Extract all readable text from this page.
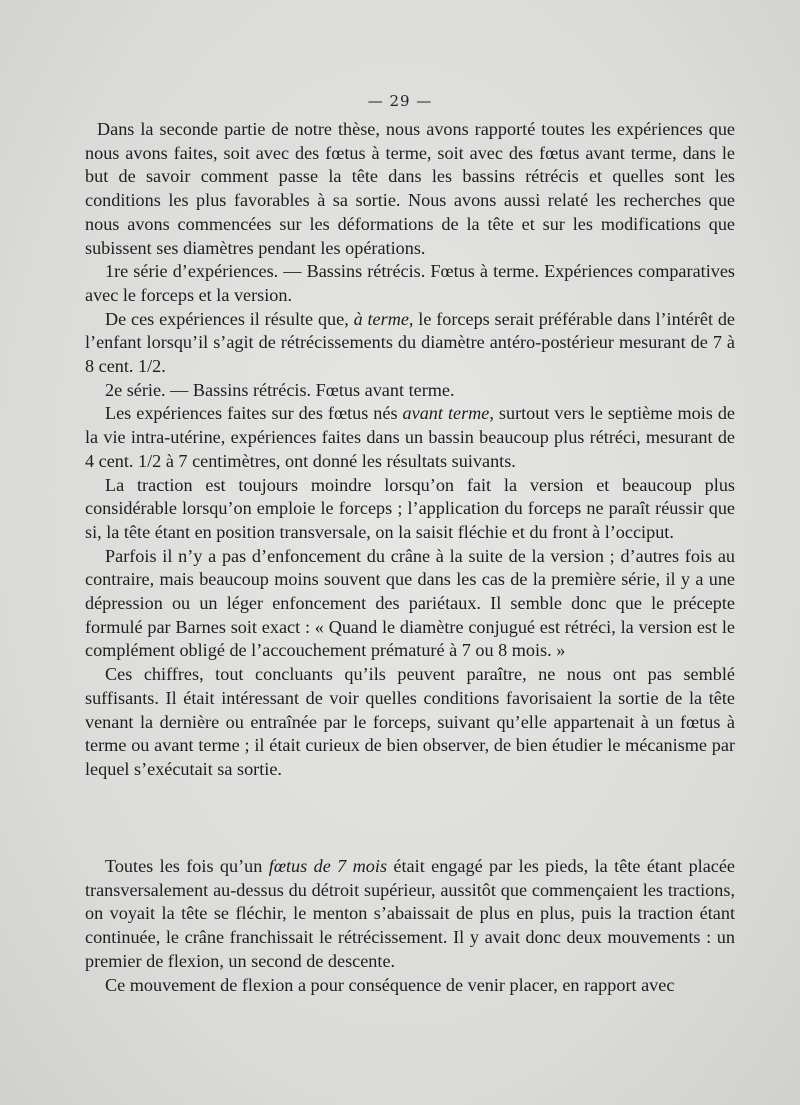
— 29 —

Dans la seconde partie de notre thèse, nous avons rapporté toutes les expériences que nous avons faites, soit avec des fœtus à terme, soit avec des fœtus avant terme, dans le but de savoir comment passe la tête dans les bassins rétrécis et quelles sont les conditions les plus favorables à sa sortie. Nous avons aussi relaté les recherches que nous avons commencées sur les déformations de la tête et sur les modifications que subissent ses diamètres pendant les opérations.

1re série d’expériences. — Bassins rétrécis. Fœtus à terme. Expériences comparatives avec le forceps et la version.

De ces expériences il résulte que, à terme, le forceps serait préférable dans l’intérêt de l’enfant lorsqu’il s’agit de rétrécissements du diamètre antéro-postérieur mesurant de 7 à 8 cent. 1/2.

2e série. — Bassins rétrécis. Fœtus avant terme.

Les expériences faites sur des fœtus nés avant terme, surtout vers le septième mois de la vie intra-utérine, expériences faites dans un bassin beaucoup plus rétréci, mesurant de 4 cent. 1/2 à 7 centimètres, ont donné les résultats suivants.

La traction est toujours moindre lorsqu’on fait la version et beaucoup plus considérable lorsqu’on emploie le forceps ; l’application du forceps ne paraît réussir que si, la tête étant en position transversale, on la saisit fléchie et du front à l’occiput.

Parfois il n’y a pas d’enfoncement du crâne à la suite de la version ; d’autres fois au contraire, mais beaucoup moins souvent que dans les cas de la première série, il y a une dépression ou un léger enfoncement des pariétaux. Il semble donc que le précepte formulé par Barnes soit exact : « Quand le diamètre conjugué est rétréci, la version est le complément obligé de l’accouchement prématuré à 7 ou 8 mois. »

Ces chiffres, tout concluants qu’ils peuvent paraître, ne nous ont pas semblé suffisants. Il était intéressant de voir quelles conditions favorisaient la sortie de la tête venant la dernière ou entraînée par le forceps, suivant qu’elle appartenait à un fœtus à terme ou avant terme ; il était curieux de bien observer, de bien étudier le mécanisme par lequel s’exécutait sa sortie.

Toutes les fois qu’un fœtus de 7 mois était engagé par les pieds, la tête étant placée transversalement au-dessus du détroit supérieur, aussitôt que commençaient les tractions, on voyait la tête se fléchir, le menton s’abaissait de plus en plus, puis la traction étant continuée, le crâne franchissait le rétrécissement. Il y avait donc deux mouvements : un premier de flexion, un second de descente.

Ce mouvement de flexion a pour conséquence de venir placer, en rapport avec
